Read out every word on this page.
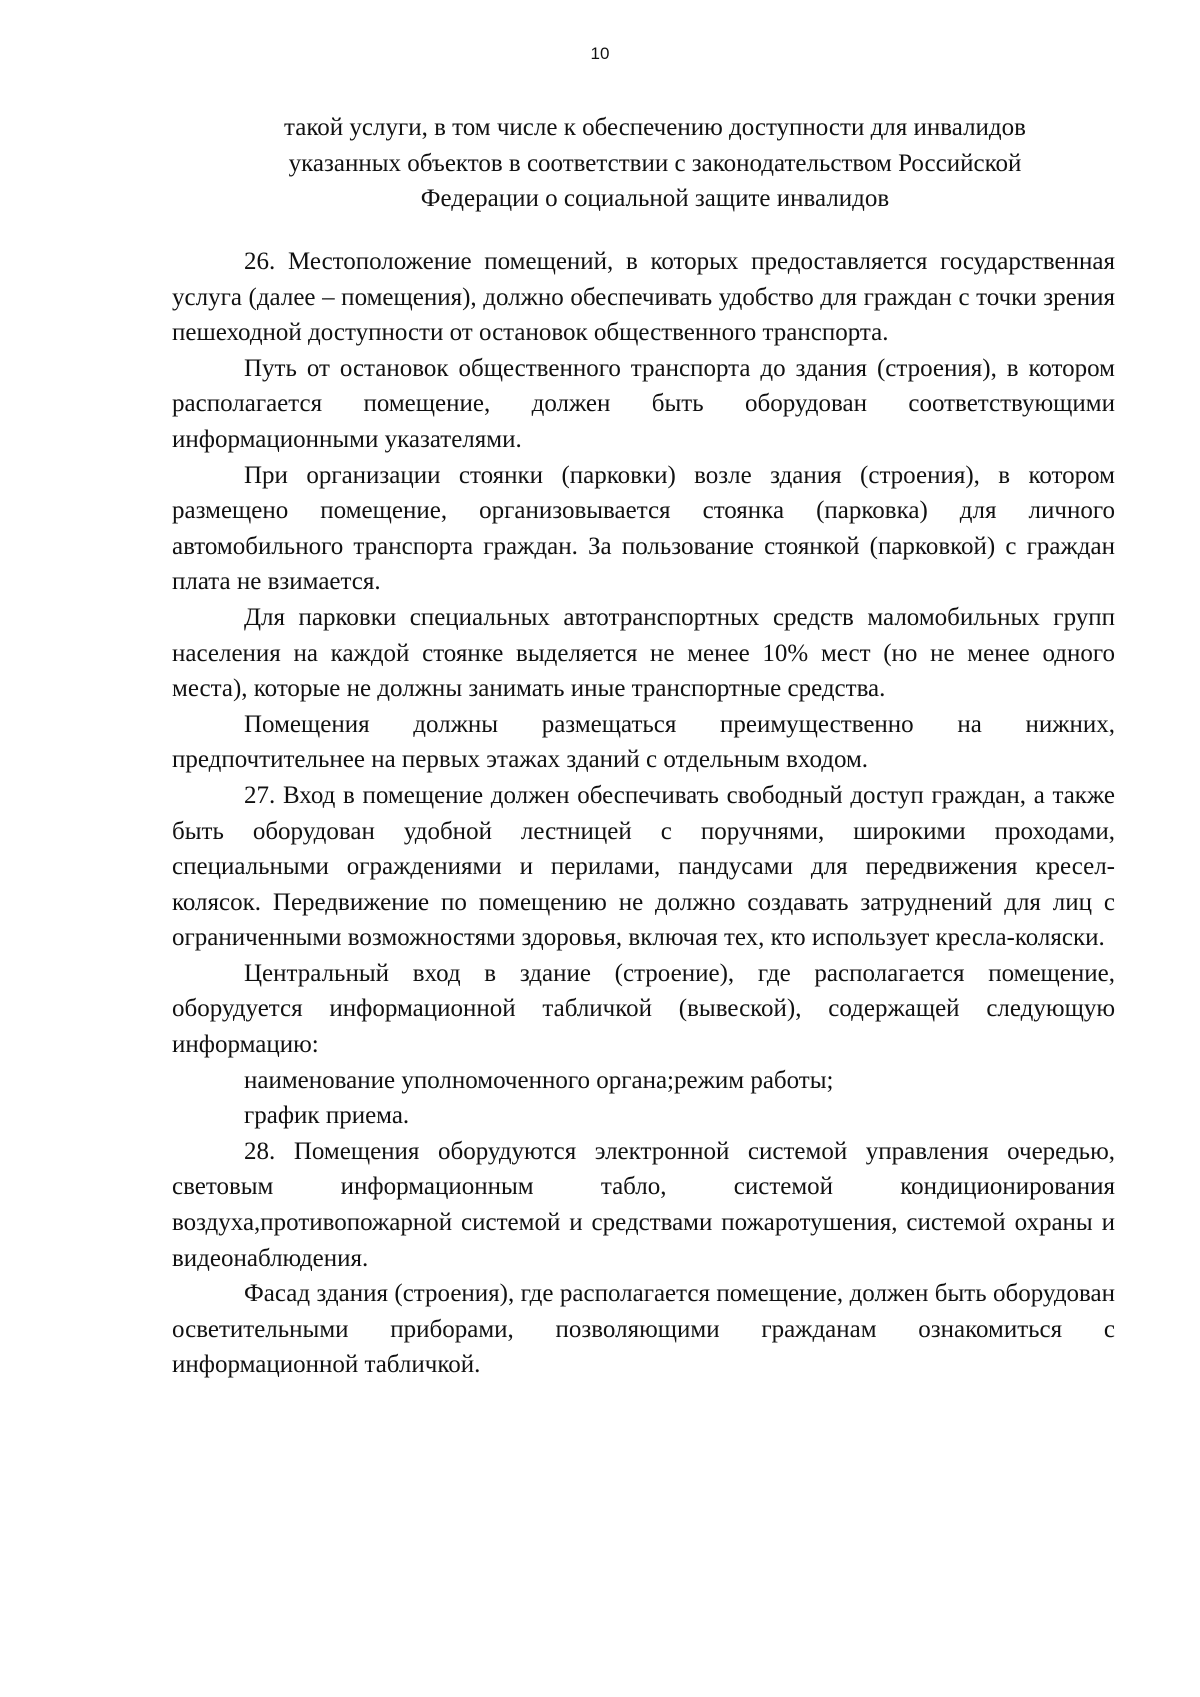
10
такой услуги, в том числе к обеспечению доступности для инвалидов
указанных объектов в соответствии с законодательством Российской
Федерации о социальной защите инвалидов

26. Местоположение помещений, в которых предоставляется государственная услуга (далее – помещения), должно обеспечивать удобство для граждан с точки зрения пешеходной доступности от остановок общественного транспорта.

Путь от остановок общественного транспорта до здания (строения), в котором располагается помещение, должен быть оборудован соответствующими информационными указателями.

При организации стоянки (парковки) возле здания (строения), в котором размещено помещение, организовывается стоянка (парковка) для личного автомобильного транспорта граждан. За пользование стоянкой (парковкой) с граждан плата не взимается.

Для парковки специальных автотранспортных средств маломобильных групп населения на каждой стоянке выделяется не менее 10% мест (но не менее одного места), которые не должны занимать иные транспортные средства.

Помещения должны размещаться преимущественно на нижних, предпочтительнее на первых этажах зданий с отдельным входом.

27. Вход в помещение должен обеспечивать свободный доступ граждан, а также быть оборудован удобной лестницей с поручнями, широкими проходами, специальными ограждениями и перилами, пандусами для передвижения кресел-колясок. Передвижение по помещению не должно создавать затруднений для лиц с ограниченными возможностями здоровья, включая тех, кто использует кресла-коляски.

Центральный вход в здание (строение), где располагается помещение, оборудуется информационной табличкой (вывеской), содержащей следующую информацию:

наименование уполномоченного органа;режим работы;

график приема.

28. Помещения оборудуются электронной системой управления очередью, световым информационным табло, системой кондиционирования воздуха,противопожарной системой и средствами пожаротушения, системой охраны и видеонаблюдения.

Фасад здания (строения), где располагается помещение, должен быть оборудован осветительными приборами, позволяющими гражданам ознакомиться с информационной табличкой.
